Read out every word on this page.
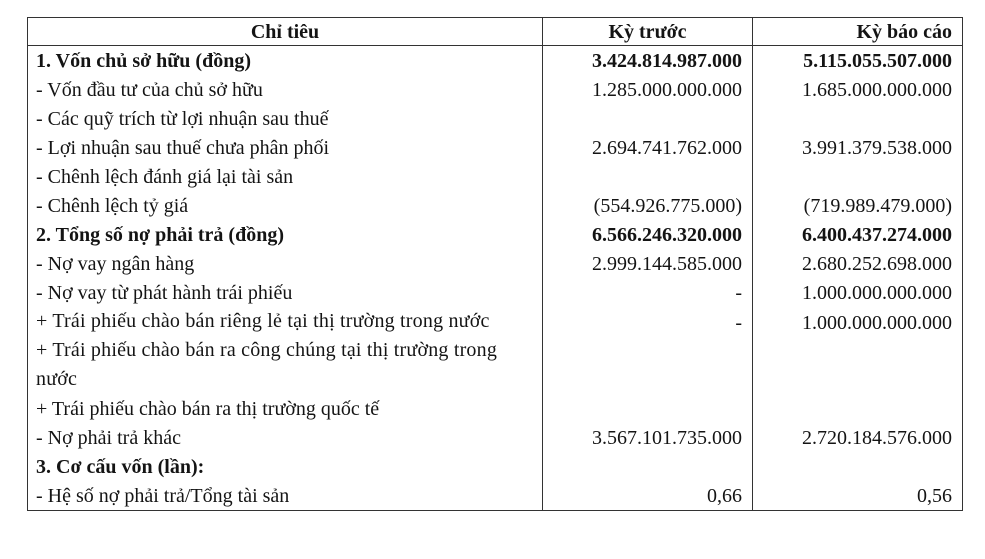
Chỉ tiêu	Kỳ trước	Kỳ báo cáo
1. Vốn chủ sở hữu (đồng)	3.424.814.987.000	5.115.055.507.000
- Vốn đầu tư của chủ sở hữu	1.285.000.000.000	1.685.000.000.000
- Các quỹ trích từ lợi nhuận sau thuế		
- Lợi nhuận sau thuế chưa phân phối	2.694.741.762.000	3.991.379.538.000
- Chênh lệch đánh giá lại tài sản		
- Chênh lệch tỷ giá	(554.926.775.000)	(719.989.479.000)
2. Tổng số nợ phải trả (đồng)	6.566.246.320.000	6.400.437.274.000
- Nợ vay ngân hàng	2.999.144.585.000	2.680.252.698.000
- Nợ vay từ phát hành trái phiếu	-	1.000.000.000.000
+ Trái phiếu chào bán riêng lẻ tại thị trường trong nước	-	1.000.000.000.000
+ Trái phiếu chào bán ra công chúng tại thị trường trong nước		
+ Trái phiếu chào bán ra thị trường quốc tế		
- Nợ phải trả khác	3.567.101.735.000	2.720.184.576.000
3. Cơ cấu vốn (lần):		
- Hệ số nợ phải trả/Tổng tài sản	0,66	0,56
